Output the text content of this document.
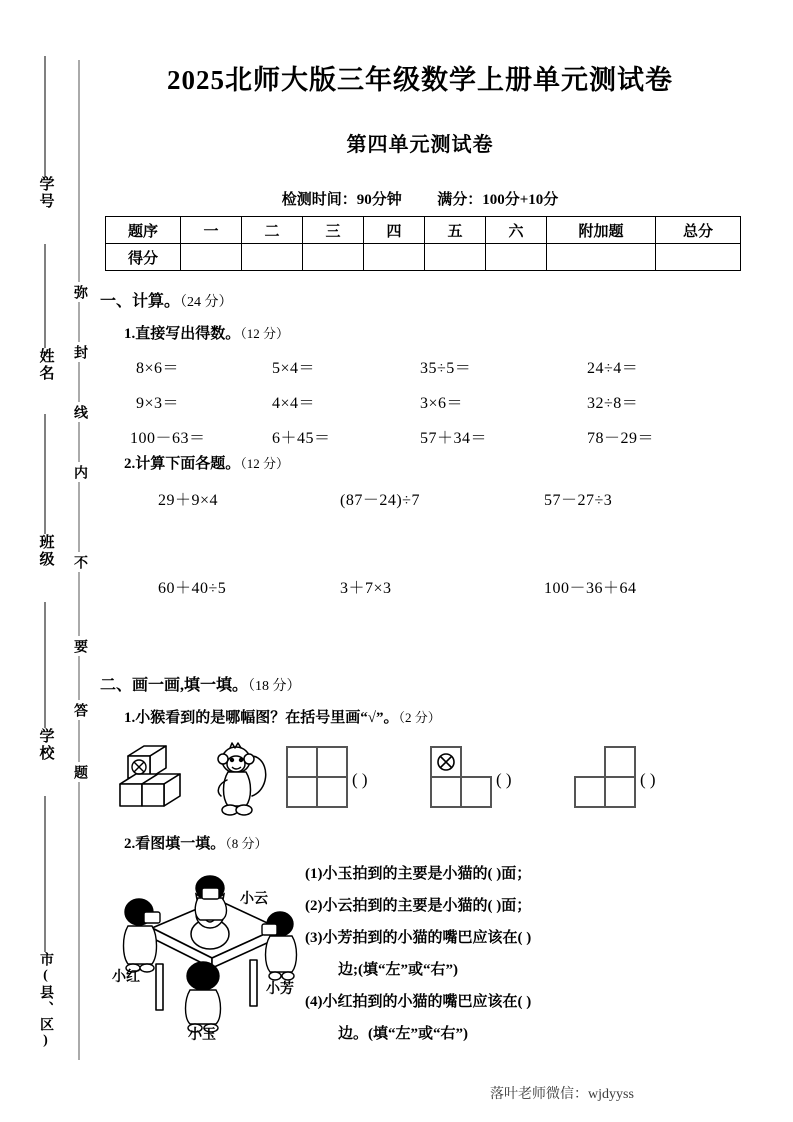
学号
姓名
班级
学校
市(县、区)
弥
封
线
内
不
要
答
题
2025北师大版三年级数学上册单元测试卷
第四单元测试卷
检测时间：90分钟 满分：100分+10分
题序	一	二	三	四	五	六	附加题	总分
得分								
一、计算。（24 分）
1.直接写出得数。（12 分）
8×6＝	5×4＝	35÷5＝	24÷4＝
9×3＝	4×4＝	3×6＝	32÷8＝
100－63＝	6＋45＝	57＋34＝	78－29＝
2.计算下面各题。（12 分）
29＋9×4	(87－24)÷7	57－27÷3
60＋40÷5	3＋7×3	100－36＋64
二、画一画,填一填。（18 分）
1.小猴看到的是哪幅图？在括号里画“√”。（2 分）
( )	( )	( )
2.看图填一填。（8 分）
(1)小玉拍到的主要是小猫的( )面；
(2)小云拍到的主要是小猫的( )面；
(3)小芳拍到的小猫的嘴巴应该在( )
边;(填“左”或“右”)
(4)小红拍到的小猫的嘴巴应该在( )
边。(填“左”或“右”)
小云
小红
小芳
小玉
落叶老师微信：wjdyyss
